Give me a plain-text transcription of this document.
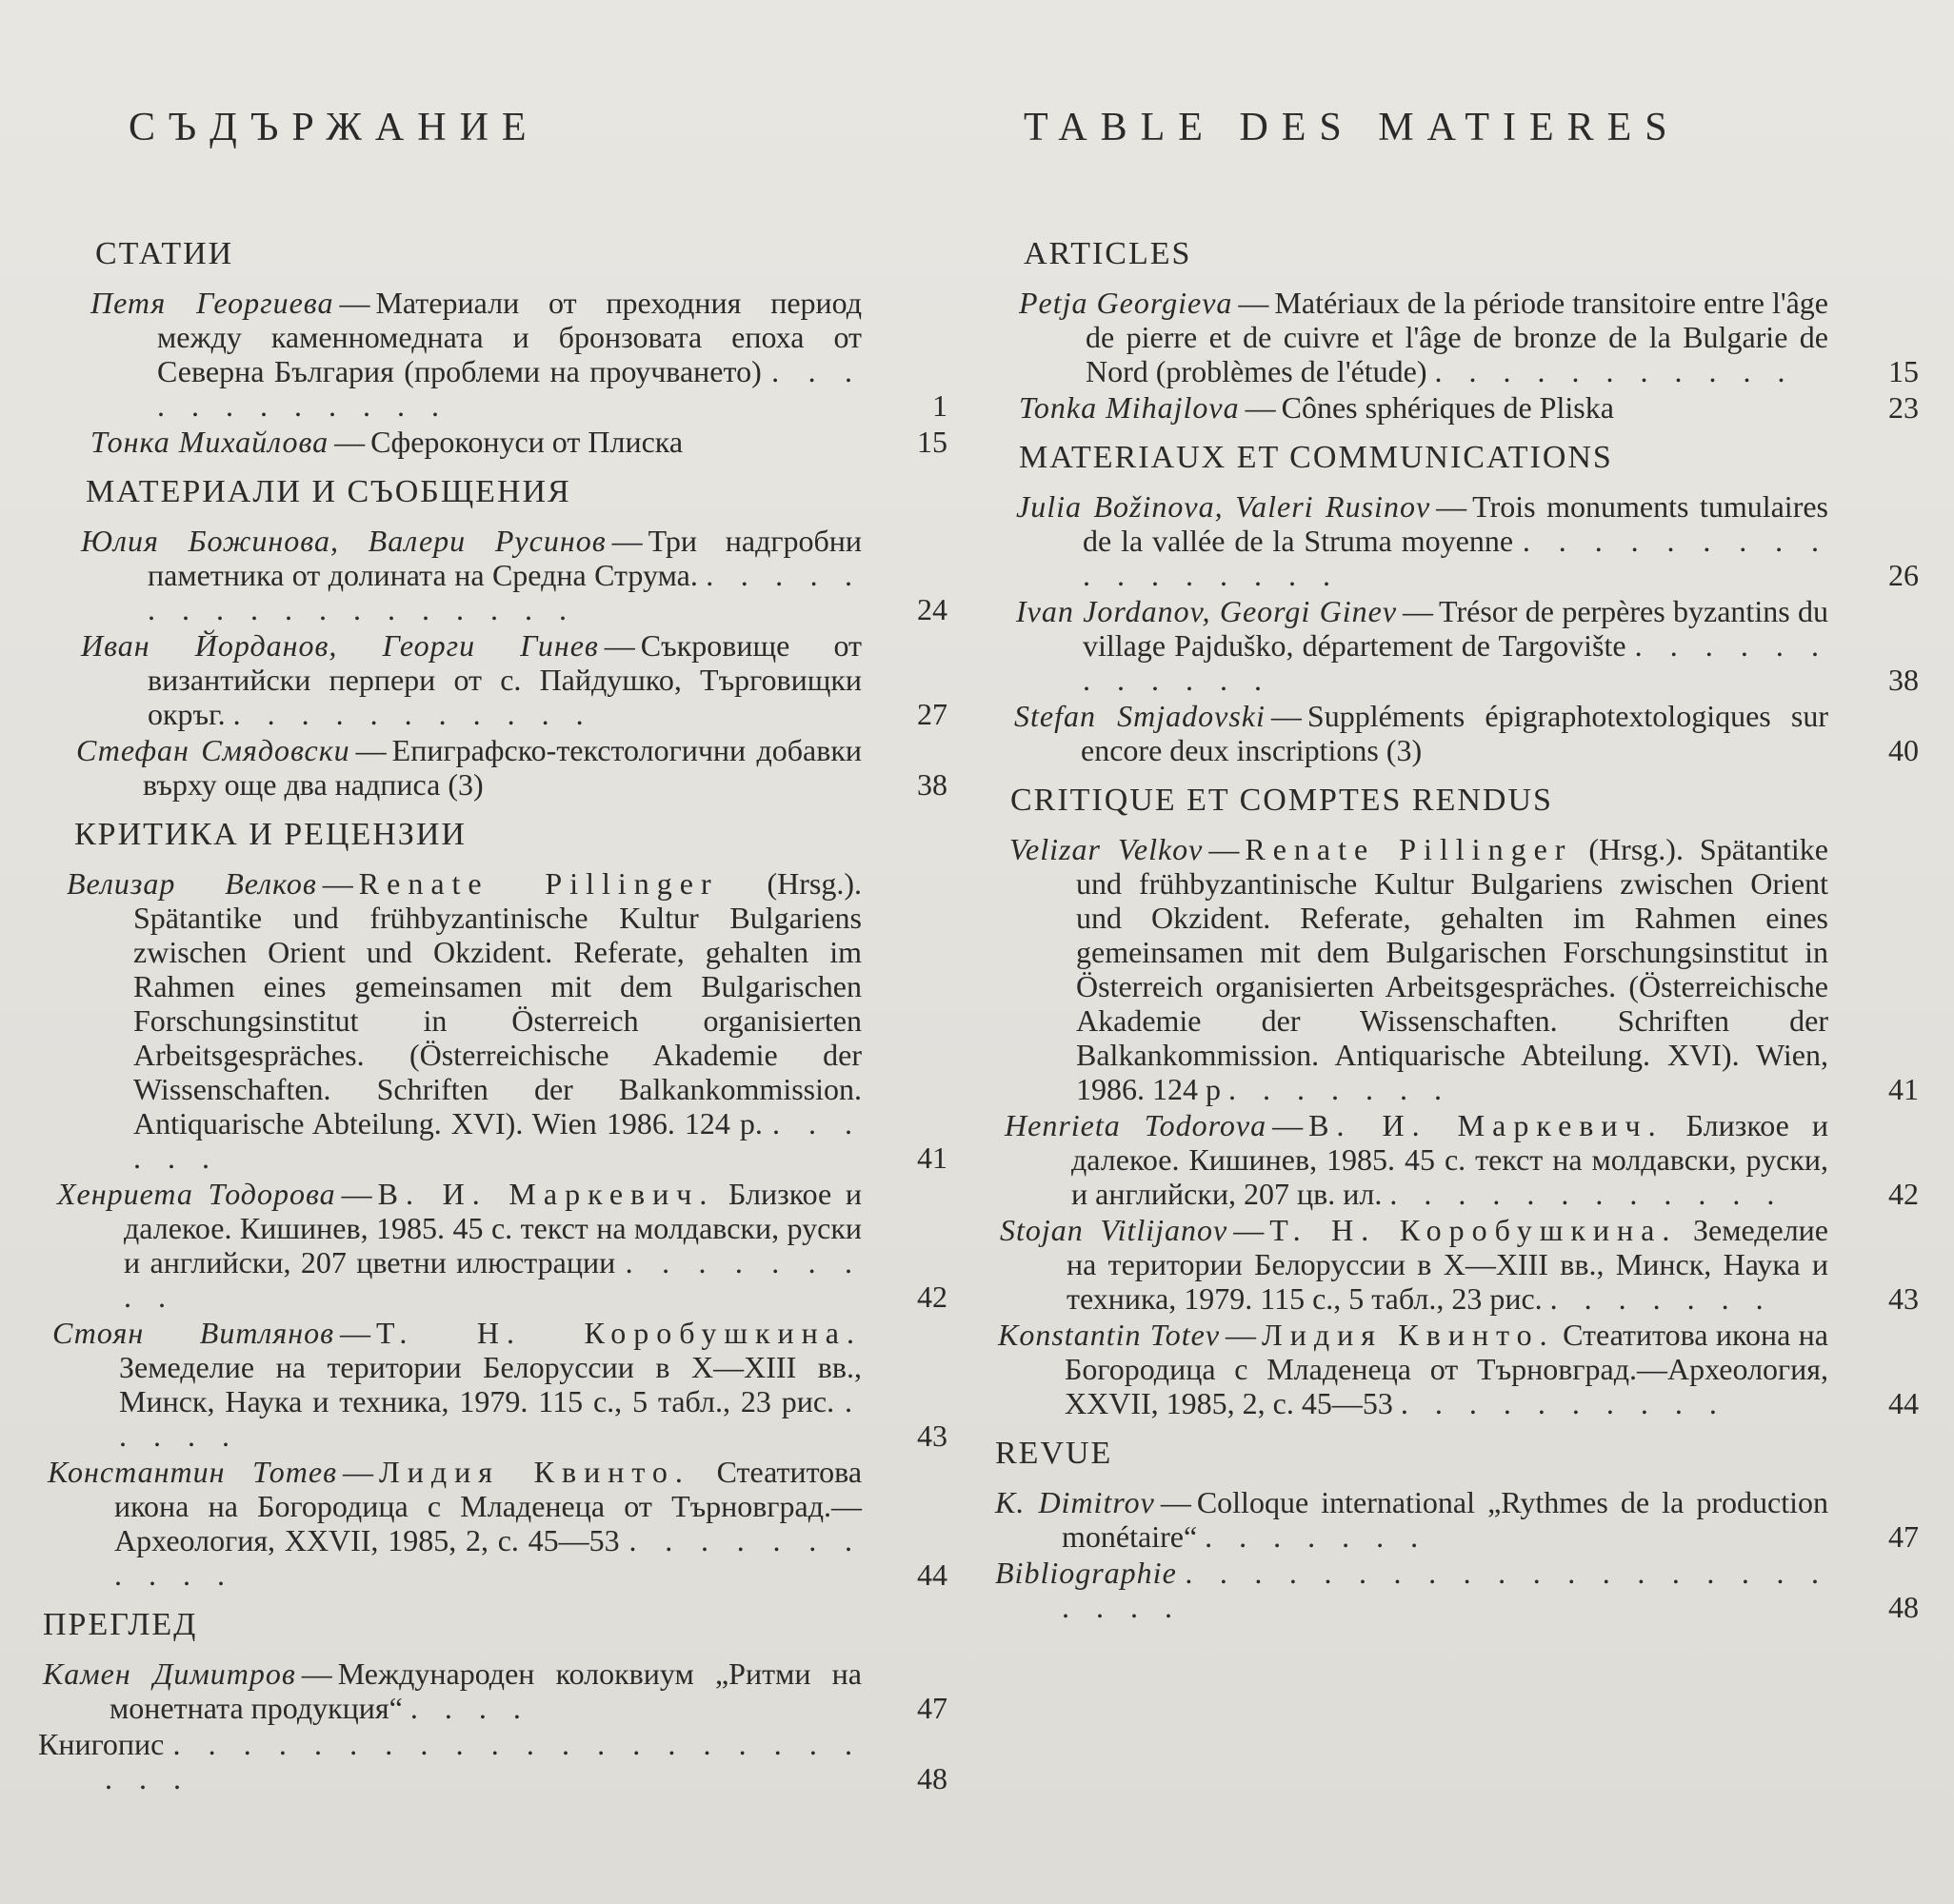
СЪДЪРЖАНИЕ
СТАТИИ
Петя Георгиева — Материали от преходния период между каменномедната и бронзовата епоха от Северна България (проблеми на проучването) . . . . . . . . . . . .	1
Тонка Михайлова — Сфероконуси от Плиска	15
МАТЕРИАЛИ И СЪОБЩЕНИЯ
Юлия Божинова, Валери Русинов — Три надгробни паметника от долината на Средна Струма. . . . . . . . . . . . . . . . . . .	24
Иван Йорданов, Георги Гинев — Съкровище от византийски перпери от с. Пайдушко, Търговищки окръг. . . . . . . . . . . .	27
Стефан Смядовски — Епиграфско-текстологични добавки върху още два надписа (3)	38
КРИТИКА И РЕЦЕНЗИИ
Велизар Велков — Renate Pillinger (Hrsg.). Spätantike und frühbyzantinische Kultur Bulgariens zwischen Orient und Okzident. Referate, gehalten im Rahmen eines gemeinsamen mit dem Bulgarischen Forschungsinstitut in Österreich organisierten Arbeitsgespräches. (Österreichische Akademie der Wissenschaften. Schriften der Balkankommission. Antiquarische Abteilung. XVI). Wien 1986. 124 p. . . . . . .	41
Хенриета Тодорова — В. И. Маркевич. Близкое и далекое. Кишинев, 1985. 45 с. текст на молдавски, руски и английски, 207 цветни илюстрации . . . . . . . . .	42
Стоян Витлянов — Т. Н. Коробушкина. Земеделие на територии Белоруссии в X—XIII вв., Минск, Наука и техника, 1979. 115 с., 5 табл., 23 рис. . . . . .	43
Константин Тотев — Лидия Квинто. Стеатитова икона на Богородица с Младенеца от Търновград.— Археология, XXVII, 1985, 2, с. 45—53 . . . . . . . . . . .	44
ПРЕГЛЕД
Камен Димитров — Международен колоквиум „Ритми на монетната продукция“ . . . .	47
Книгопис . . . . . . . . . . . . . . . . . . . . . . .	48
TABLE DES MATIERES
ARTICLES
Petja Georgieva — Matériaux de la période transitoire entre l'âge de pierre et de cuivre et l'âge de bronze de la Bulgarie de Nord (problèmes de l'étude) . . . . . . . . . . .	15
Tonka Mihajlova — Cônes sphériques de Pliska	23
MATERIAUX ET COMMUNICATIONS
Julia Božinova, Valeri Rusinov — Trois monuments tumulaires de la vallée de la Struma moyenne . . . . . . . . . . . . . . . . .	26
Ivan Jordanov, Georgi Ginev — Trésor de perpères byzantins du village Pajduško, département de Targovište . . . . . . . . . . . .	38
Stefan Smjadovski — Suppléments épigraphotextologiques sur encore deux inscriptions (3)	40
CRITIQUE ET COMPTES RENDUS
Velizar Velkov — Renate Pillinger (Hrsg.). Spätantike und frühbyzantinische Kultur Bulgariens zwischen Orient und Okzident. Referate, gehalten im Rahmen eines gemeinsamen mit dem Bulgarischen Forschungsinstitut in Österreich organisierten Arbeitsgespräches. (Österreichische Akademie der Wissenschaften. Schriften der Balkankommission. Antiquarische Abteilung. XVI). Wien, 1986. 124 p . . . . . . .	41
Henrieta Todorova — В. И. Маркевич. Близкое и далекое. Кишинев, 1985. 45 с. текст на молдавски, руски, и английски, 207 цв. ил. . . . . . . . . . . . .	42
Stojan Vitlijanov — Т. Н. Коробушкина. Земеделие на територии Белоруссии в X—XIII вв., Минск, Наука и техника, 1979. 115 с., 5 табл., 23 рис. . . . . . . .	43
Konstantin Totev — Лидия Квинто. Стеатитова икона на Богородица с Младенеца от Търновград.—Археология, XXVII, 1985, 2, с. 45—53 . . . . . . . . . .	44
REVUE
K. Dimitrov — Colloque international „Rythmes de la production monétaire“ . . . . . . .	47
Bibliographie . . . . . . . . . . . . . . . . . . . . . . .	48
